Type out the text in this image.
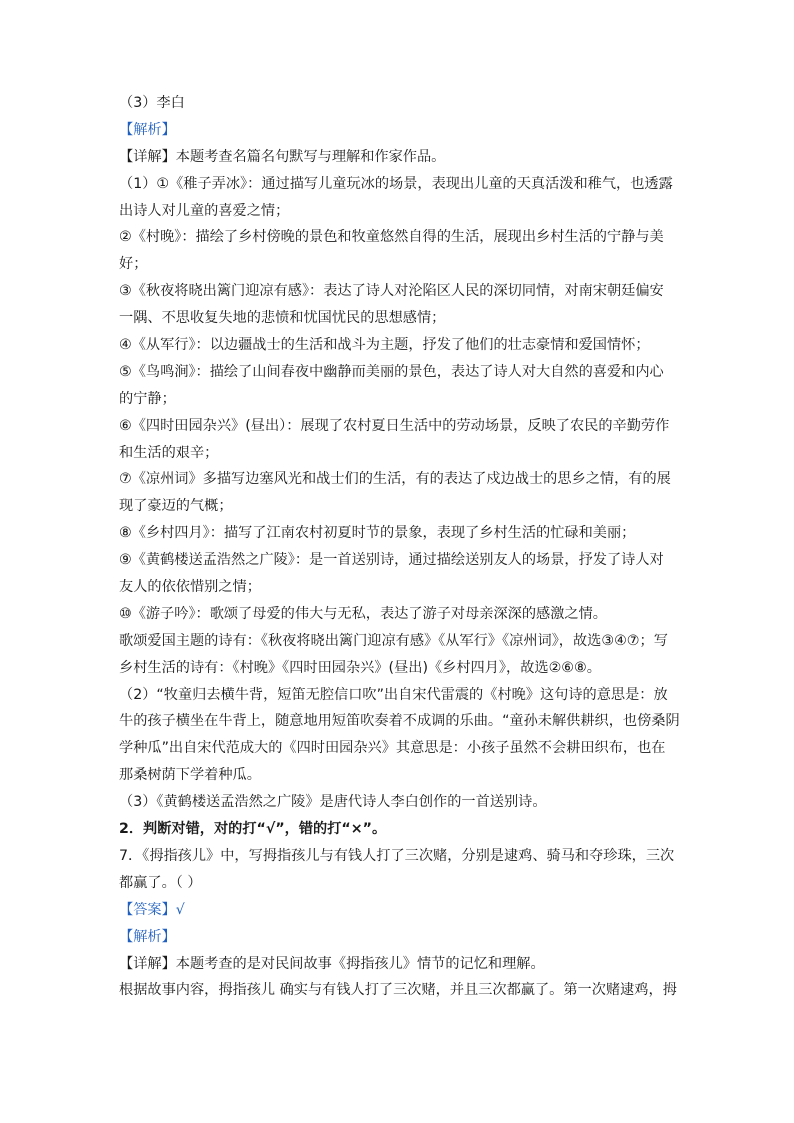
（3）李白
【解析】
【详解】本题考查名篇名句默写与理解和作家作品。
（1）①《稚子弄冰》：通过描写儿童玩冰的场景，表现出儿童的天真活泼和稚气，也透露
出诗人对儿童的喜爱之情；
②《村晚》：描绘了乡村傍晚的景色和牧童悠然自得的生活，展现出乡村生活的宁静与美
好；
③《秋夜将晓出篱门迎凉有感》：表达了诗人对沦陷区人民的深切同情，对南宋朝廷偏安
一隅、不思收复失地的悲愤和忧国忧民的思想感情；
④《从军行》：以边疆战士的生活和战斗为主题，抒发了他们的壮志豪情和爱国情怀；
⑤《鸟鸣涧》：描绘了山间春夜中幽静而美丽的景色，表达了诗人对大自然的喜爱和内心
的宁静；
⑥《四时田园杂兴》(昼出）：展现了农村夏日生活中的劳动场景，反映了农民的辛勤劳作
和生活的艰辛；
⑦《凉州词》多描写边塞风光和战士们的生活，有的表达了戍边战士的思乡之情，有的展
现了豪迈的气概；
⑧《乡村四月》：描写了江南农村初夏时节的景象，表现了乡村生活的忙碌和美丽；
⑨《黄鹤楼送孟浩然之广陵》：是一首送别诗，通过描绘送别友人的场景，抒发了诗人对
友人的依依惜别之情；
⑩《游子吟》：歌颂了母爱的伟大与无私，表达了游子对母亲深深的感激之情。
歌颂爱国主题的诗有：《秋夜将晓出篱门迎凉有感》《从军行》《凉州词》，故选③④⑦；写
乡村生活的诗有：《村晚》《四时田园杂兴》(昼出)《乡村四月》，故选②⑥⑧。
（2）“牧童归去横牛背，短笛无腔信口吹”出自宋代雷震的《村晚》这句诗的意思是：放
牛的孩子横坐在牛背上，随意地用短笛吹奏着不成调的乐曲。“童孙未解供耕织，也傍桑阴
学种瓜”出自宋代范成大的《四时田园杂兴》其意思是：小孩子虽然不会耕田织布，也在
那桑树荫下学着种瓜。
（3）《黄鹤楼送孟浩然之广陵》是唐代诗人李白创作的一首送别诗。
2．判断对错，对的打“√”，错的打“×”。
7．《拇指孩儿》中，写拇指孩儿与有钱人打了三次赌，分别是逮鸡、骑马和夺珍珠，三次
都赢了。（ ）
【答案】√
【解析】
【详解】本题考查的是对民间故事《拇指孩儿》情节的记忆和理解。
根据故事内容，拇指孩儿 确实与有钱人打了三次赌，并且三次都赢了。第一次赌逮鸡，拇
